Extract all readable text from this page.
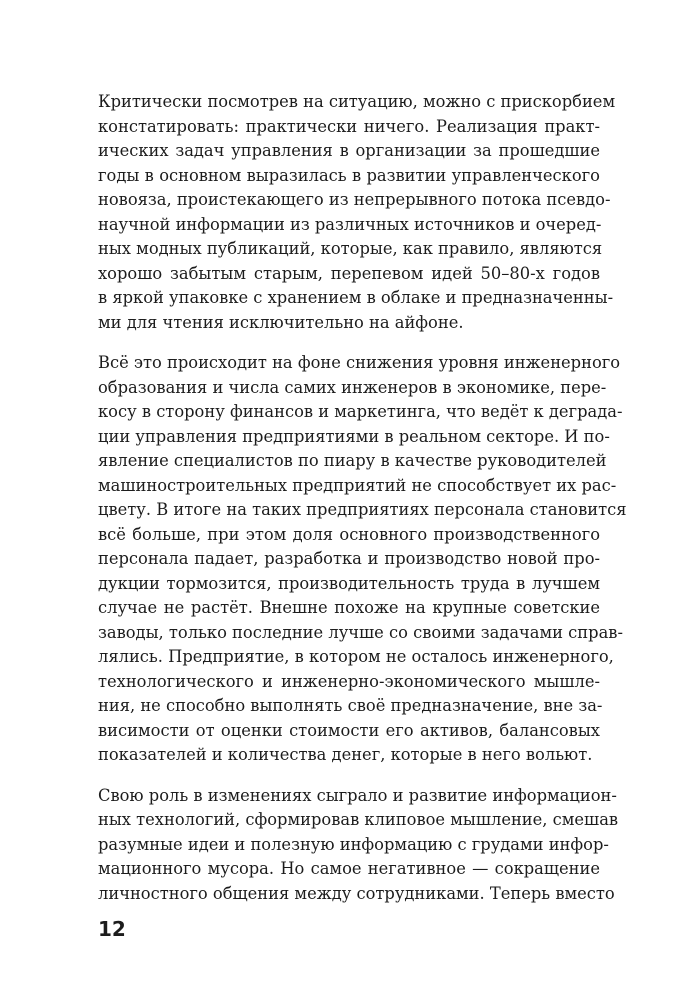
Критически посмотрев на ситуацию, можно с прискорбием
констатировать: практически ничего. Реализация практ-
ических задач управления в организации за прошедшие
годы в основном выразилась в развитии управленческого
новояза, проистекающего из непрерывного потока псевдо-
научной информации из различных источников и очеред-
ных модных публикаций, которые, как правило, являются
хорошо забытым старым, перепевом идей 50–80-х годов
в яркой упаковке с хранением в облаке и предназначенны-
ми для чтения исключительно на айфоне.
Всё это происходит на фоне снижения уровня инженерного
образования и числа самих инженеров в экономике, пере-
косу в сторону финансов и маркетинга, что ведёт к деграда-
ции управления предприятиями в реальном секторе. И по-
явление специалистов по пиару в качестве руководителей
машиностроительных предприятий не способствует их рас-
цвету. В итоге на таких предприятиях персонала становится
всё больше, при этом доля основного производственного
персонала падает, разработка и производство новой про-
дукции тормозится, производительность труда в лучшем
случае не растёт. Внешне похоже на крупные советские
заводы, только последние лучше со своими задачами справ-
лялись. Предприятие, в котором не осталось инженерного,
технологического и инженерно-экономического мышле-
ния, не способно выполнять своё предназначение, вне за-
висимости от оценки стоимости его активов, балансовых
показателей и количества денег, которые в него вольют.
Свою роль в изменениях сыграло и развитие информацион-
ных технологий, сформировав клиповое мышление, смешав
разумные идеи и полезную информацию с грудами инфор-
мационного мусора. Но самое негативное — сокращение
личностного общения между сотрудниками. Теперь вместо
12
